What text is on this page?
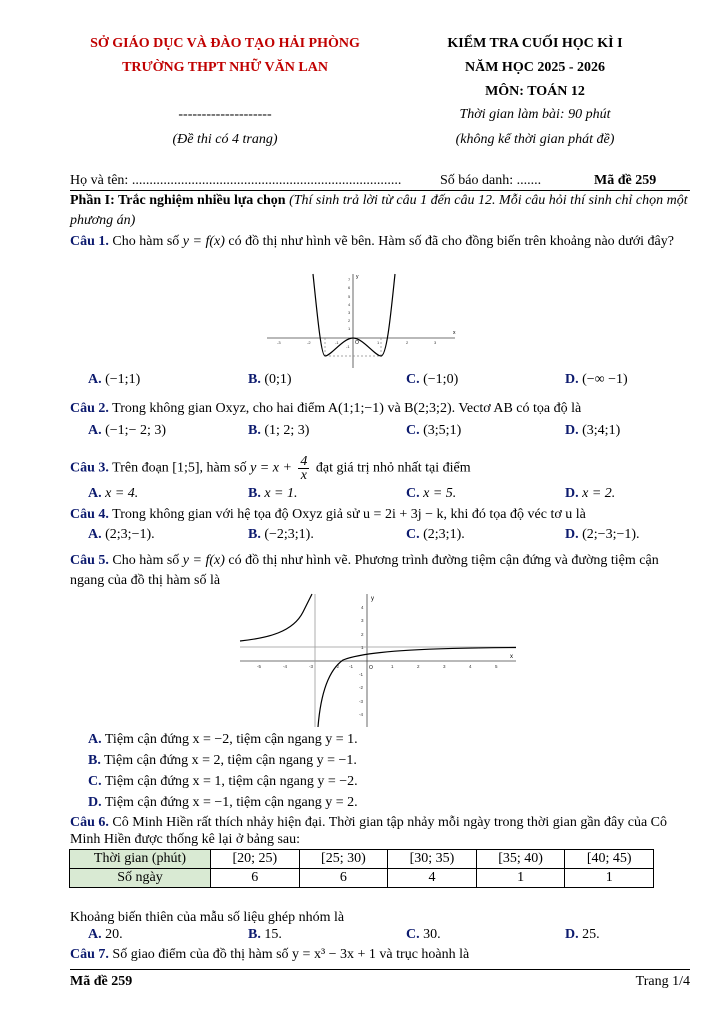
SỞ GIÁO DỤC VÀ ĐÀO TẠO HẢI PHÒNG
TRƯỜNG THPT NHỮ VĂN LAN
--------------------
(Đề thi có 4 trang)
KIỂM TRA CUỐI HỌC KÌ I
NĂM HỌC 2025 - 2026
MÔN: TOÁN 12
Thời gian làm bài: 90 phút
(không kể thời gian phát đề)
Họ và tên: .............................................................................	Số báo danh: .......	Mã đề 259
Phần I: Trắc nghiệm nhiều lựa chọn (Thí sinh trả lời từ câu 1 đến câu 12. Mỗi câu hỏi thí sinh chỉ chọn một phương án)
Câu 1. Cho hàm số y = f(x) có đồ thị như hình vẽ bên. Hàm số đã cho đồng biến trên khoảng nào dưới đây?
x
y
O
-3	-2	-1	1	2	3
7
6
5
4
3
2
1
-1
A. (−1;1)	B. (0;1)	C. (−1;0)	D. (−∞ −1)
Câu 2. Trong không gian Oxyz, cho hai điểm A(1;1;−1) và B(2;3;2). Vectơ AB có tọa độ là
A. (−1;− 2; 3)	B. (1; 2; 3)	C. (3;5;1)	D. (3;4;1)
Câu 3. Trên đoạn [1;5], hàm số $y = x + \frac{4}{x}$ đạt giá trị nhỏ nhất tại điểm
A. x = 4.	B. x = 1.	C. x = 5.	D. x = 2.
Câu 4. Trong không gian với hệ tọa độ Oxyz giả sử u = 2i + 3j − k, khi đó tọa độ véc tơ u là
A. (2;3;−1).	B. (−2;3;1).	C. (2;3;1).	D. (2;−3;−1).
Câu 5. Cho hàm số y = f(x) có đồ thị như hình vẽ. Phương trình đường tiệm cận đứng và đường tiệm cận ngang của đồ thị hàm số là
y
x
O
-5	-4	-3	-2 -1	1	2	3	4	5
4
3
2
1
-1
-2
-3
-4
A. Tiệm cận đứng x = −2, tiệm cận ngang y = 1.
B. Tiệm cận đứng x = 2, tiệm cận ngang y = −1.
C. Tiệm cận đứng x = 1, tiệm cận ngang y = −2.
D. Tiệm cận đứng x = −1, tiệm cận ngang y = 2.
Câu 6. Cô Minh Hiền rất thích nhảy hiện đại. Thời gian tập nhảy mỗi ngày trong thời gian gần đây của Cô Minh Hiền được thống kê lại ở bảng sau:
Thời gian (phút)	[20; 25)	[25; 30)	[30; 35)	[35; 40)	[40; 45)
Số ngày	6	6	4	1	1
Khoảng biến thiên của mẫu số liệu ghép nhóm là
A. 20.	B. 15.	C. 30.	D. 25.
Câu 7. Số giao điểm của đồ thị hàm số y = x³ − 3x + 1 và trục hoành là
Mã đề 259	Trang 1/4
